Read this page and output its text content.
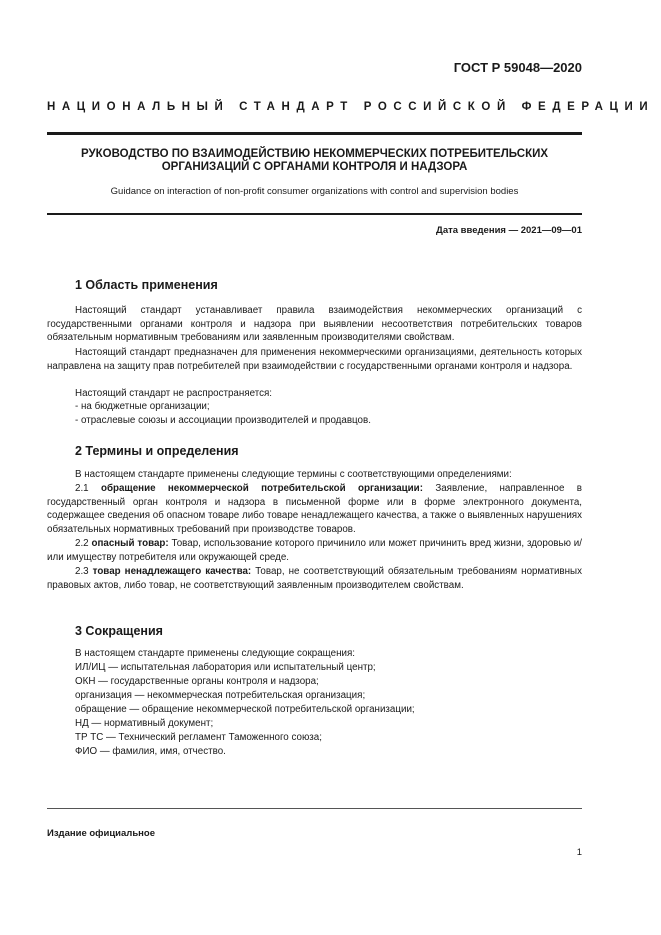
ГОСТ Р 59048—2020
НАЦИОНАЛЬНЫЙ СТАНДАРТ РОССИЙСКОЙ ФЕДЕРАЦИИ
РУКОВОДСТВО ПО ВЗАИМОДЕЙСТВИЮ НЕКОММЕРЧЕСКИХ ПОТРЕБИТЕЛЬСКИХ
ОРГАНИЗАЦИЙ С ОРГАНАМИ КОНТРОЛЯ И НАДЗОРА
Guidance on interaction of non-profit consumer organizations with control and supervision bodies
Дата введения — 2021—09—01
1 Область применения
Настоящий стандарт устанавливает правила взаимодействия некоммерческих организаций с государственными органами контроля и надзора при выявлении несоответствия потребительских товаров обязательным нормативным требованиям или заявленным производителями свойствам.
Настоящий стандарт предназначен для применения некоммерческими организациями, деятельность которых направлена на защиту прав потребителей при взаимодействии с государственными органами контроля и надзора.
Настоящий стандарт не распространяется:
- на бюджетные организации;
- отраслевые союзы и ассоциации производителей и продавцов.
2 Термины и определения
В настоящем стандарте применены следующие термины с соответствующими определениями:
2.1 обращение некоммерческой потребительской организации: Заявление, направленное в государственный орган контроля и надзора в письменной форме или в форме электронного документа, содержащее сведения об опасном товаре либо товаре ненадлежащего качества, а также о выявленных нарушениях обязательных нормативных требований при производстве товаров.
2.2 опасный товар: Товар, использование которого причинило или может причинить вред жизни, здоровью и/или имуществу потребителя или окружающей среде.
2.3 товар ненадлежащего качества: Товар, не соответствующий обязательным требованиям нормативных правовых актов, либо товар, не соответствующий заявленным производителем свойствам.
3 Сокращения
В настоящем стандарте применены следующие сокращения:
ИЛ/ИЦ — испытательная лаборатория или испытательный центр;
ОКН — государственные органы контроля и надзора;
организация — некоммерческая потребительская организация;
обращение — обращение некоммерческой потребительской организации;
НД — нормативный документ;
ТР ТС — Технический регламент Таможенного союза;
ФИО — фамилия, имя, отчество.
Издание официальное
1
